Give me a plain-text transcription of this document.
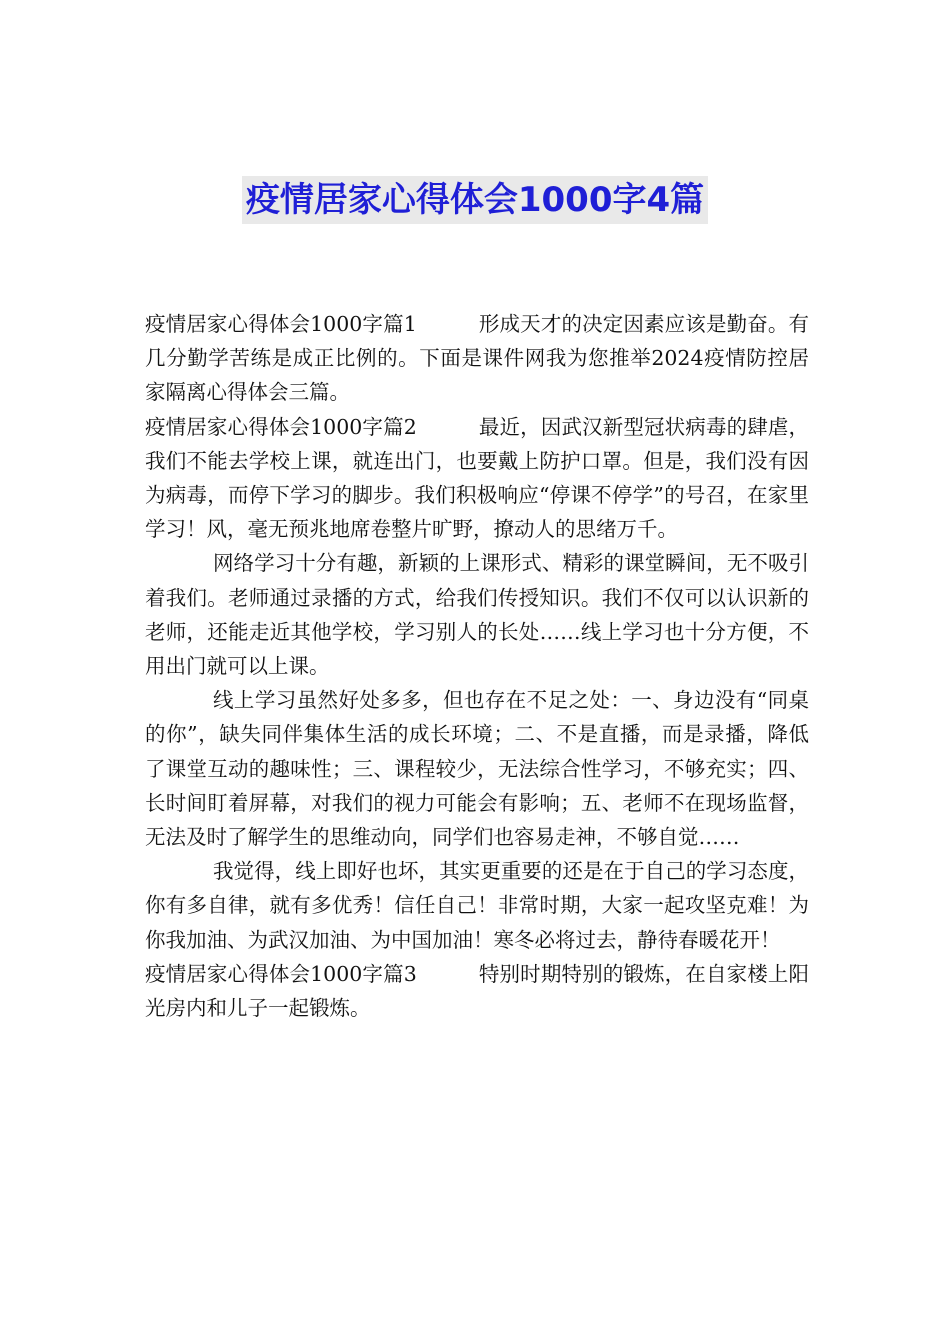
疫情居家心得体会1000字4篇

疫情居家心得体会1000字篇1	形成天才的决定因素应该是勤奋。有几分勤学苦练是成正比例的。下面是课件网我为您推举2024疫情防控居家隔离心得体会三篇。

疫情居家心得体会1000字篇2	最近，因武汉新型冠状病毒的肆虐，我们不能去学校上课，就连出门，也要戴上防护口罩。但是，我们没有因为病毒，而停下学习的脚步。我们积极响应“停课不停学”的号召，在家里学习！风，毫无预兆地席卷整片旷野，撩动人的思绪万千。

网络学习十分有趣，新颖的上课形式、精彩的课堂瞬间，无不吸引着我们。老师通过录播的方式，给我们传授知识。我们不仅可以认识新的老师，还能走近其他学校，学习别人的长处……线上学习也十分方便，不用出门就可以上课。

线上学习虽然好处多多，但也存在不足之处：一、身边没有“同桌的你”，缺失同伴集体生活的成长环境；二、不是直播，而是录播，降低了课堂互动的趣味性；三、课程较少，无法综合性学习，不够充实；四、长时间盯着屏幕，对我们的视力可能会有影响；五、老师不在现场监督，无法及时了解学生的思维动向，同学们也容易走神，不够自觉……

我觉得，线上即好也坏，其实更重要的还是在于自己的学习态度，你有多自律，就有多优秀！信任自己！非常时期，大家一起攻坚克难！为你我加油、为武汉加油、为中国加油！寒冬必将过去，静待春暖花开！

疫情居家心得体会1000字篇3	特别时期特别的锻炼，在自家楼上阳光房内和儿子一起锻炼。
